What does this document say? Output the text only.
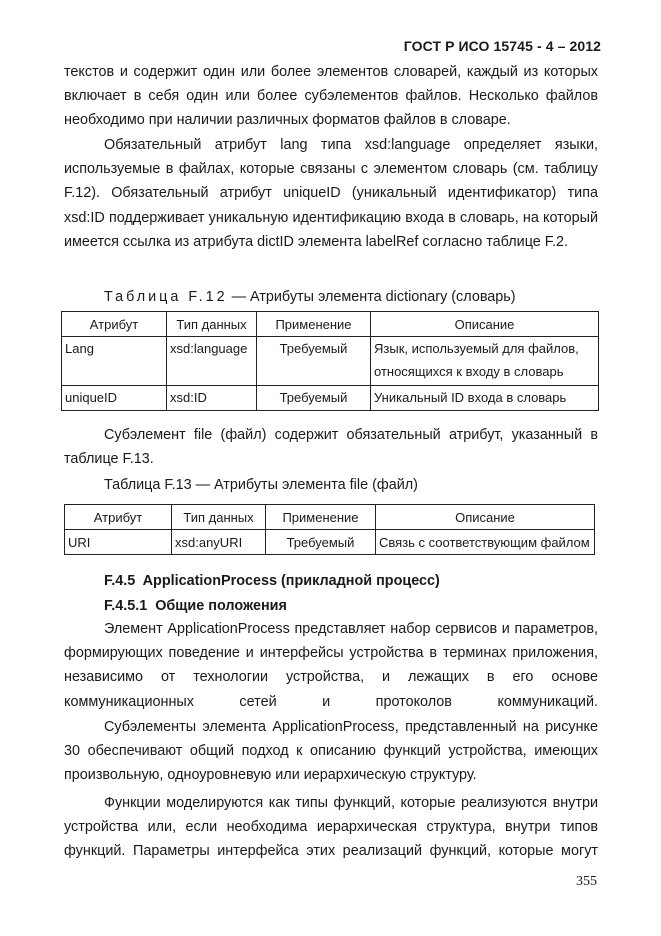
ГОСТ Р ИСО 15745 - 4 – 2012

текстов и содержит один или более элементов словарей, каждый из которых включает в себя один или более субэлементов файлов. Несколько файлов необходимо при наличии различных форматов файлов в словаре.

Обязательный атрибут lang типа xsd:language определяет языки, используемые в файлах, которые связаны с элементом словарь (см. таблицу F.12). Обязательный атрибут uniqueID (уникальный идентификатор) типа xsd:ID поддерживает уникальную идентификацию входа в словарь, на который имеется ссылка из атрибута dictID элемента labelRef согласно таблице F.2.

Таблица F.12 — Атрибуты элемента dictionary (словарь)
Атрибут	Тип данных	Применение	Описание
Lang	xsd:language	Требуемый	Язык, используемый для файлов,
относящихся к входу в словарь

uniqueID	xsd:ID	Требуемый	Уникальный ID входа в словарь

Субэлемент file (файл) содержит обязательный атрибут, указанный в таблице F.13.

Таблица F.13 — Атрибуты элемента file (файл)
Атрибут	Тип данных	Применение	Описание
URI	xsd:anyURI	Требуемый	Связь с соответствующим файлом
F.4.5  ApplicationProcess (прикладной процесс)
F.4.5.1  Общие положения

Элемент ApplicationProcess представляет набор сервисов и параметров, формирующих поведение и интерфейсы устройства в терминах приложения, независимо от технологии устройства, и лежащих в его основе коммуникационных сетей и протоколов коммуникаций.

Субэлементы элемента ApplicationProcess, представленный на рисунке 30 обеспечивают общий подход к описанию функций устройства, имеющих произвольную, одноуровневую или иерархическую структуру.

Функции моделируются как типы функций, которые реализуются внутри устройства или, если необходима иерархическая структура, внутри типов функций. Параметры интерфейса этих реализаций функций, которые могут

355
